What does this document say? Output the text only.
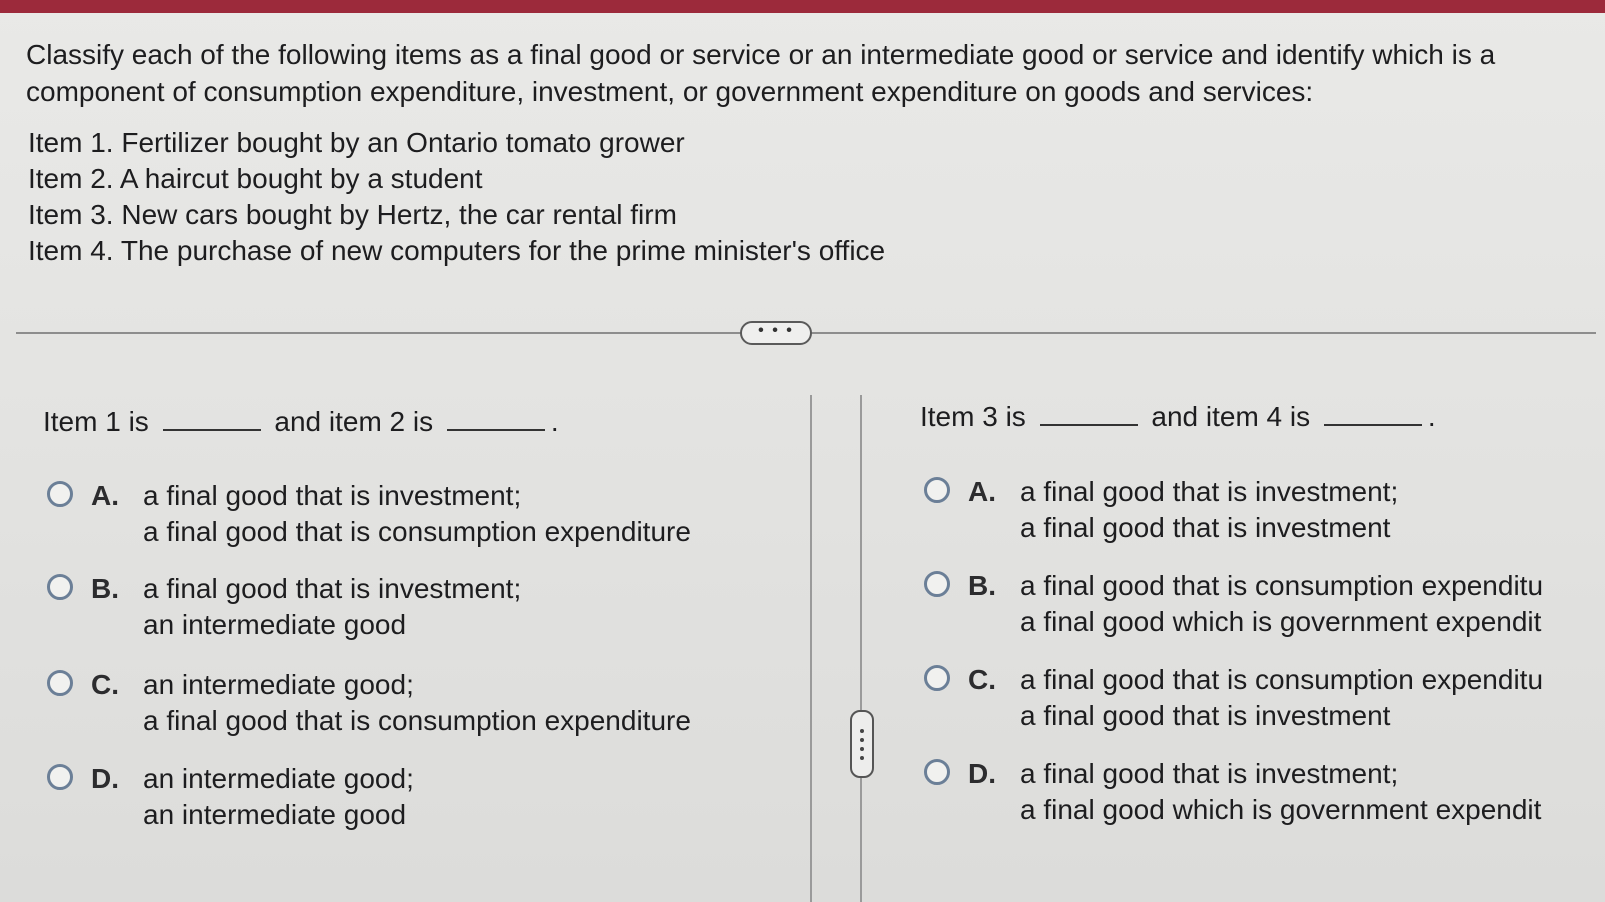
Classify each of the following items as a final good or service or an intermediate good or service and identify which is a
component of consumption expenditure, investment, or government expenditure on goods and services:
Item 1. Fertilizer bought by an Ontario tomato grower
Item 2. A haircut bought by a student
Item 3. New cars bought by Hertz, the car rental firm
Item 4. The purchase of new computers for the prime minister's office
• • •
Item 1 is	and item 2 is	.
A. a final good that is investment;
a final good that is consumption expenditure
B. a final good that is investment;
an intermediate good
C. an intermediate good;
a final good that is consumption expenditure
D. an intermediate good;
an intermediate good
Item 3 is	and item 4 is	.
A. a final good that is investment;
a final good that is investment
B. a final good that is consumption expenditu
a final good which is government expendit
C. a final good that is consumption expenditu
a final good that is investment
D. a final good that is investment;
a final good which is government expendit
